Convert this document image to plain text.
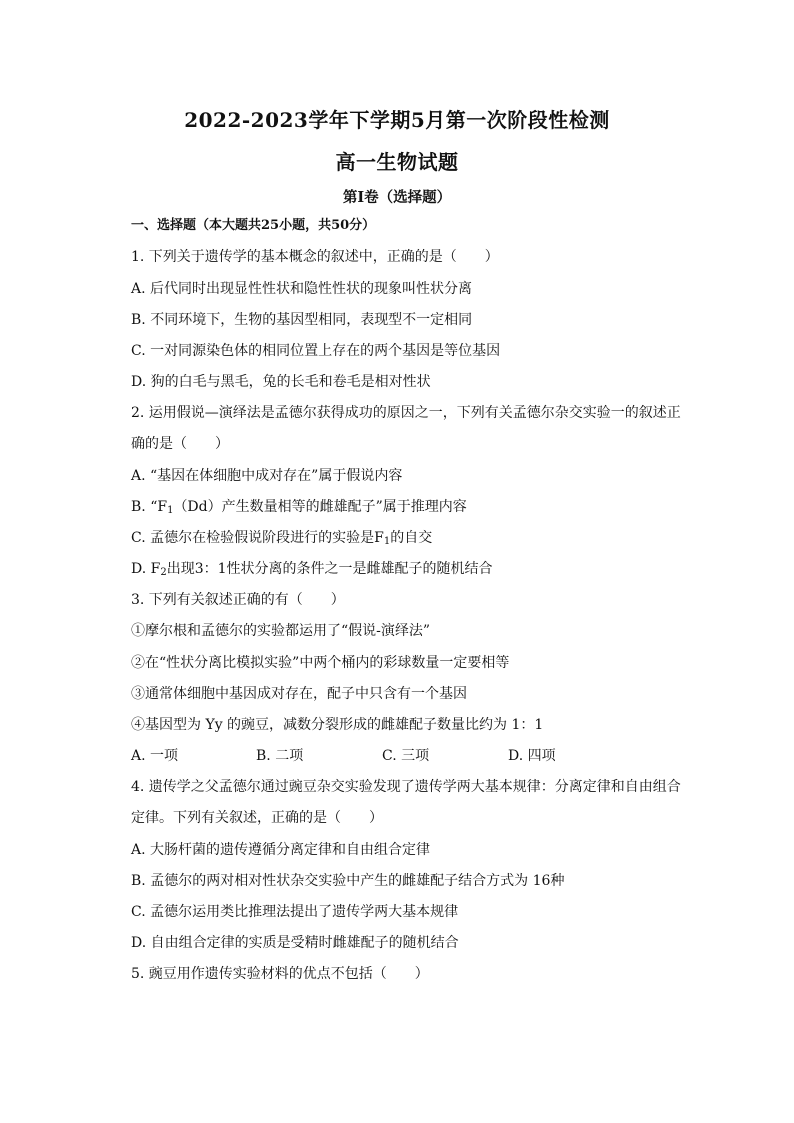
2022-2023学年下学期5月第一次阶段性检测
高一生物试题
第I卷（选择题）
一、选择题（本大题共25小题，共50分）
1. 下列关于遗传学的基本概念的叙述中，正确的是（　　）
A. 后代同时出现显性性状和隐性性状的现象叫性状分离
B. 不同环境下，生物的基因型相同，表现型不一定相同
C. 一对同源染色体的相同位置上存在的两个基因是等位基因
D. 狗的白毛与黑毛，兔的长毛和卷毛是相对性状
2. 运用假说—演绎法是孟德尔获得成功的原因之一，下列有关孟德尔杂交实验一的叙述正
确的是（　　）
A. “基因在体细胞中成对存在”属于假说内容
B. “$F_1(Dd)$产生数量相等的雌雄配子”属于推理内容
C. 孟德尔在检验假说阶段进行的实验是$F_1$的自交
D. $F_2$出现3：1性状分离的条件之一是雌雄配子的随机结合
3. 下列有关叙述正确的有（　　）
①摩尔根和孟德尔的实验都运用了“假说-演绎法”
②在“性状分离比模拟实验”中两个桶内的彩球数量一定要相等
③通常体细胞中基因成对存在，配子中只含有一个基因
④基因型为 Yy 的豌豆，减数分裂形成的雌雄配子数量比约为 1：1
A. 一项	B. 二项	C. 三项	D. 四项
4. 遗传学之父孟德尔通过豌豆杂交实验发现了遗传学两大基本规律：分离定律和自由组合
定律。下列有关叙述，正确的是（　　）
A. 大肠杆菌的遗传遵循分离定律和自由组合定律
B. 孟德尔的两对相对性状杂交实验中产生的雌雄配子结合方式为 16种
C. 孟德尔运用类比推理法提出了遗传学两大基本规律
D. 自由组合定律的实质是受精时雌雄配子的随机结合
5. 豌豆用作遗传实验材料的优点不包括（　　）
